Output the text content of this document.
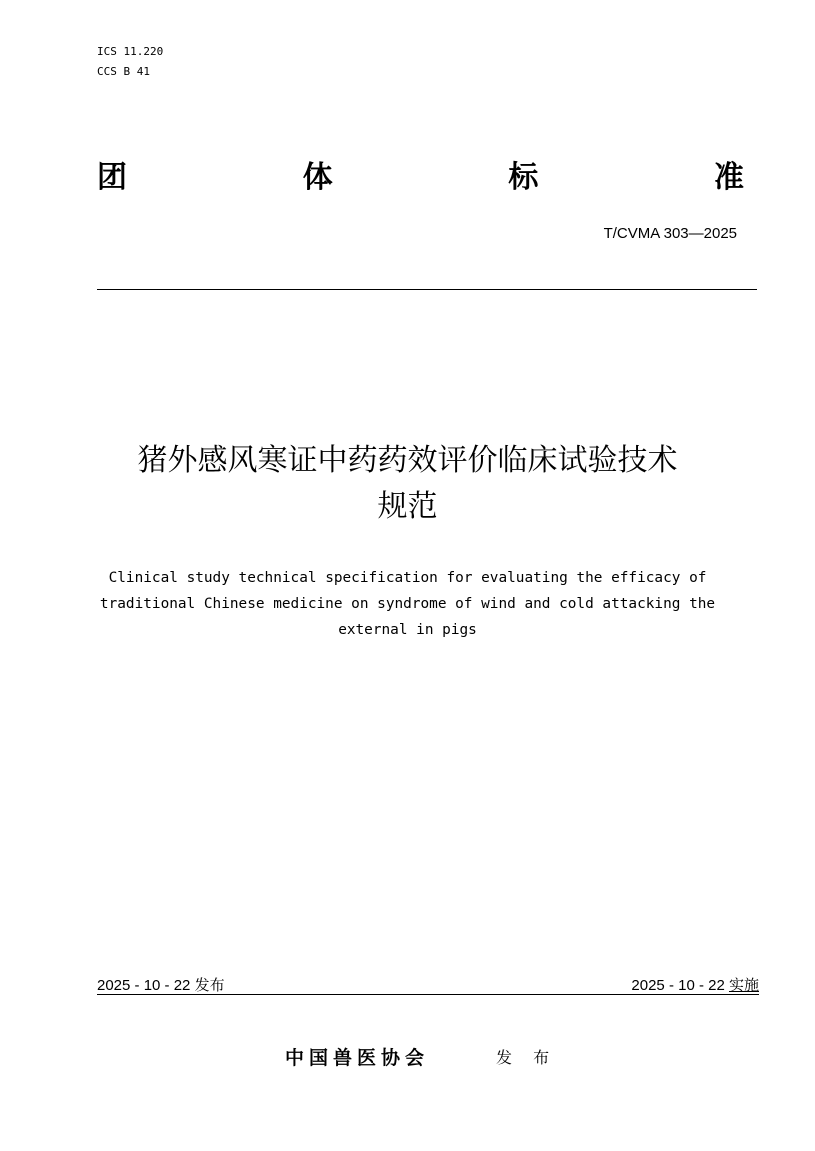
ICS 11.220
CCS B 41
团	体	标	准
T/CVMA 303—2025
猪外感风寒证中药药效评价临床试验技术
规范
Clinical study technical specification for evaluating the efficacy of
traditional Chinese medicine on syndrome of wind and cold attacking the
external in pigs
2025 - 10 - 22 发布	2025 - 10 - 22 实施
中国兽医协会	发 布
